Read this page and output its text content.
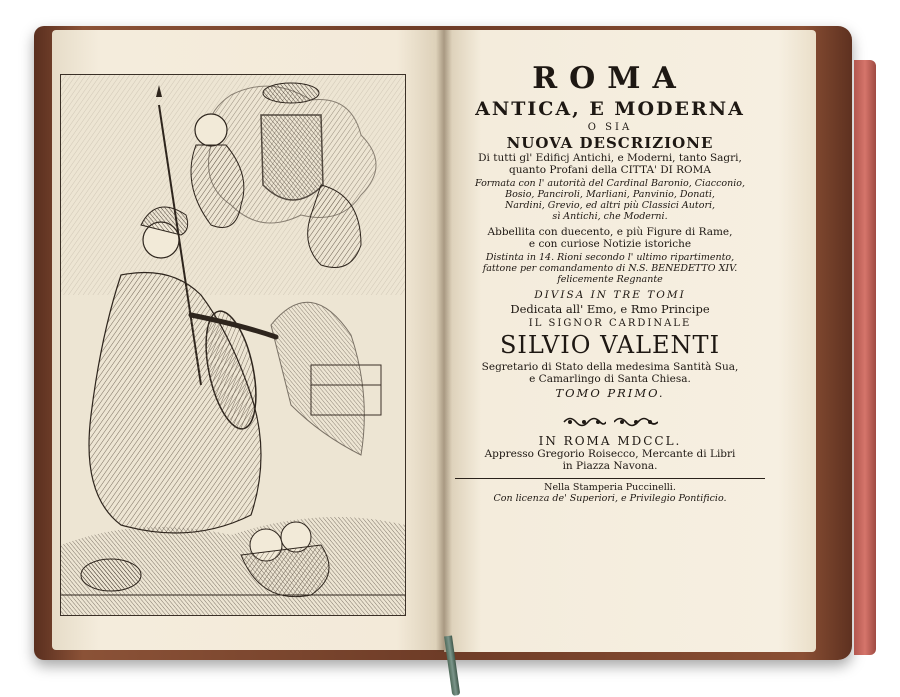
ROMA
ANTICA, E MODERNA
O SIA
NUOVA DESCRIZIONE
Di tutti gl' Edificj Antichi, e Moderni, tanto Sagri,
quanto Profani della CITTA' DI ROMA
Formata con l' autorità del Cardinal Baronio, Ciacconio,
Bosio, Panciroli, Marliani, Panvinio, Donati,
Nardini, Grevio, ed altri più Classici Autori,
sì Antichi, che Moderni.
Abbellita con duecento, e più Figure di Rame,
e con curiose Notizie istoriche
Distinta in 14. Rioni secondo l' ultimo ripartimento,
fattone per comandamento di N.S. BENEDETTO XIV.
felicemente Regnante
DIVISA IN TRE TOMI
Dedicata all' Emo, e Rmo Principe
IL SIGNOR CARDINALE
SILVIO VALENTI
Segretario di Stato della medesima Santità Sua,
e Camarlingo di Santa Chiesa.
TOMO PRIMO.
IN ROMA MDCCL.
Appresso Gregorio Roisecco, Mercante di Libri
in Piazza Navona.
Nella Stamperia Puccinelli.
Con licenza de' Superiori, e Privilegio Pontificio.
